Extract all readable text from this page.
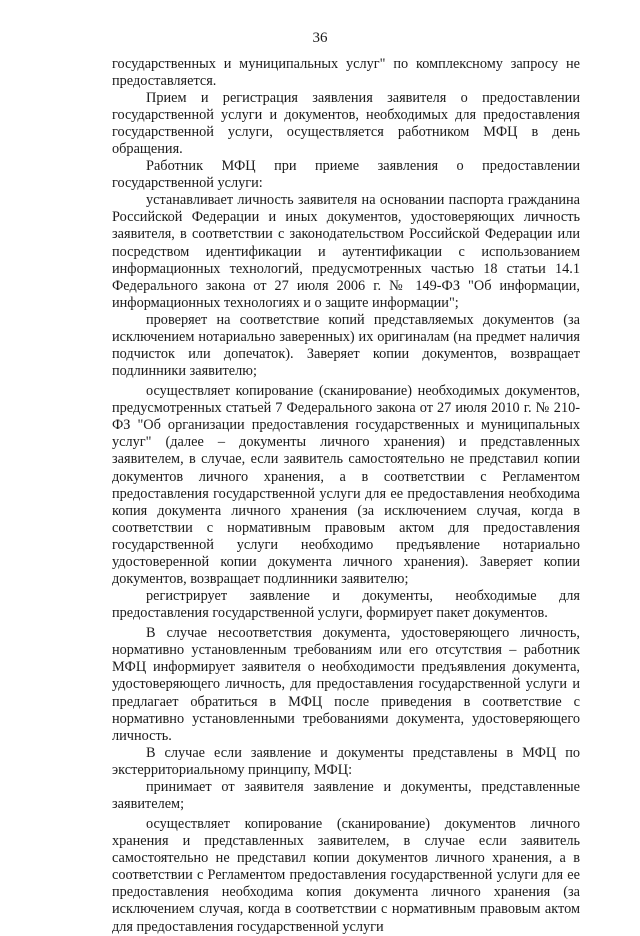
36

государственных и муниципальных услуг" по комплексному запросу не предоставляется.

Прием и регистрация заявления заявителя о предоставлении государственной услуги и документов, необходимых для предоставления государственной услуги, осуществляется работником МФЦ в день обращения.

Работник МФЦ при приеме заявления о предоставлении государственной услуги:

устанавливает личность заявителя на основании паспорта гражданина Российской Федерации и иных документов, удостоверяющих личность заявителя, в соответствии с законодательством Российской Федерации или посредством идентификации и аутентификации с использованием информационных технологий, предусмотренных частью 18 статьи 14.1 Федерального закона от 27 июля 2006 г. № 149-ФЗ "Об информации, информационных технологиях и о защите информации";

проверяет на соответствие копий представляемых документов (за исключением нотариально заверенных) их оригиналам (на предмет наличия подчисток или допечаток). Заверяет копии документов, возвращает подлинники заявителю;

осуществляет копирование (сканирование) необходимых документов, предусмотренных статьей 7 Федерального закона от 27 июля 2010 г. № 210-ФЗ "Об организации предоставления государственных и муниципальных услуг" (далее – документы личного хранения) и представленных заявителем, в случае, если заявитель самостоятельно не представил копии документов личного хранения, а в соответствии с Регламентом предоставления государственной услуги для ее предоставления необходима копия документа личного хранения (за исключением случая, когда в соответствии с нормативным правовым актом для предоставления государственной услуги необходимо предъявление нотариально удостоверенной копии документа личного хранения). Заверяет копии документов, возвращает подлинники заявителю;

регистрирует заявление и документы, необходимые для предоставления государственной услуги, формирует пакет документов.

В случае несоответствия документа, удостоверяющего личность, нормативно установленным требованиям или его отсутствия – работник МФЦ информирует заявителя о необходимости предъявления документа, удостоверяющего личность, для предоставления государственной услуги и предлагает обратиться в МФЦ после приведения в соответствие с нормативно установленными требованиями документа, удостоверяющего личность.

В случае если заявление и документы представлены в МФЦ по экстерриториальному принципу, МФЦ:

принимает от заявителя заявление и документы, представленные заявителем;

осуществляет копирование (сканирование) документов личного хранения и представленных заявителем, в случае если заявитель самостоятельно не представил копии документов личного хранения, а в соответствии с Регламентом предоставления государственной услуги для ее предоставления необходима копия документа личного хранения (за исключением случая, когда в соответствии с нормативным правовым актом для предоставления государственной услуги
